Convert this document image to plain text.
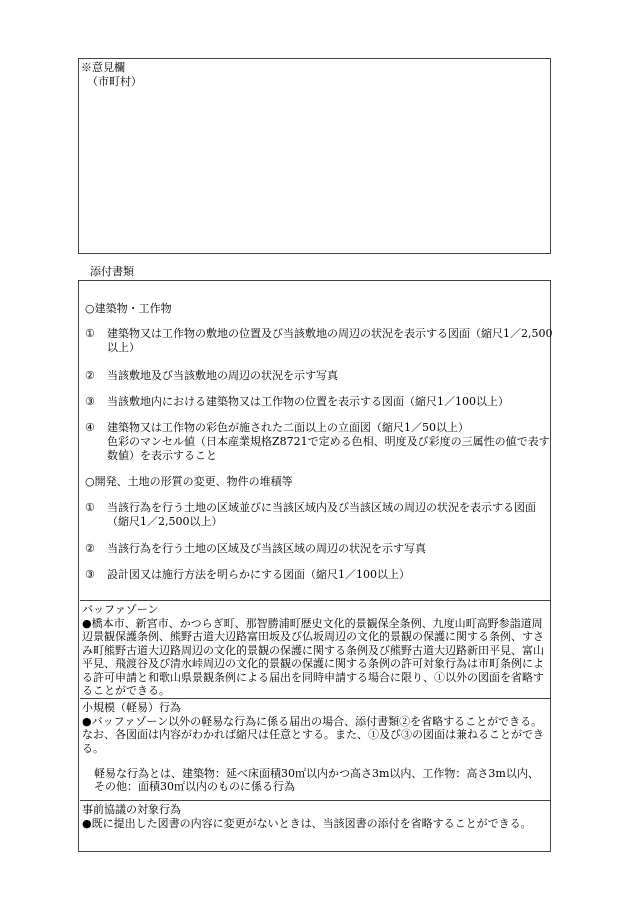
※意見欄
（市町村）
添付書類
○建築物・工作物
①	建築物又は工作物の敷地の位置及び当該敷地の周辺の状況を表示する図面（縮尺1／2,500以上）
②	当該敷地及び当該敷地の周辺の状況を示す写真
③	当該敷地内における建築物又は工作物の位置を表示する図面（縮尺1／100以上）
④	建築物又は工作物の彩色が施された二面以上の立面図（縮尺1／50以上）
色彩のマンセル値（日本産業規格Z8721で定める色相、明度及び彩度の三属性の値で表す数値）を表示すること
○開発、土地の形質の変更、物件の堆積等
①	当該行為を行う土地の区域並びに当該区域内及び当該区域の周辺の状況を表示する図面（縮尺1／2,500以上）
②	当該行為を行う土地の区域及び当該区域の周辺の状況を示す写真
③	設計図又は施行方法を明らかにする図面（縮尺1／100以上）
バッファゾーン
●橋本市、新宮市、かつらぎ町、那智勝浦町歴史文化的景観保全条例、九度山町高野参詣道周辺景観保護条例、熊野古道大辺路富田坂及び仏坂周辺の文化的景観の保護に関する条例、すさみ町熊野古道大辺路周辺の文化的景観の保護に関する条例及び熊野古道大辺路新田平見、富山平見、飛渡谷及び清水峠周辺の文化的景観の保護に関する条例の許可対象行為は市町条例による許可申請と和歌山県景観条例による届出を同時申請する場合に限り、①以外の図面を省略することができる。
小規模（軽易）行為
●バッファゾーン以外の軽易な行為に係る届出の場合、添付書類②を省略することができる。なお、各図面は内容がわかれば縮尺は任意とする。また、①及び③の図面は兼ねることができる。
軽易な行為とは、建築物：延べ床面積30㎡以内かつ高さ3m以内、工作物：高さ3m以内、その他：面積30㎡以内のものに係る行為
事前協議の対象行為
●既に提出した図書の内容に変更がないときは、当該図書の添付を省略することができる。
